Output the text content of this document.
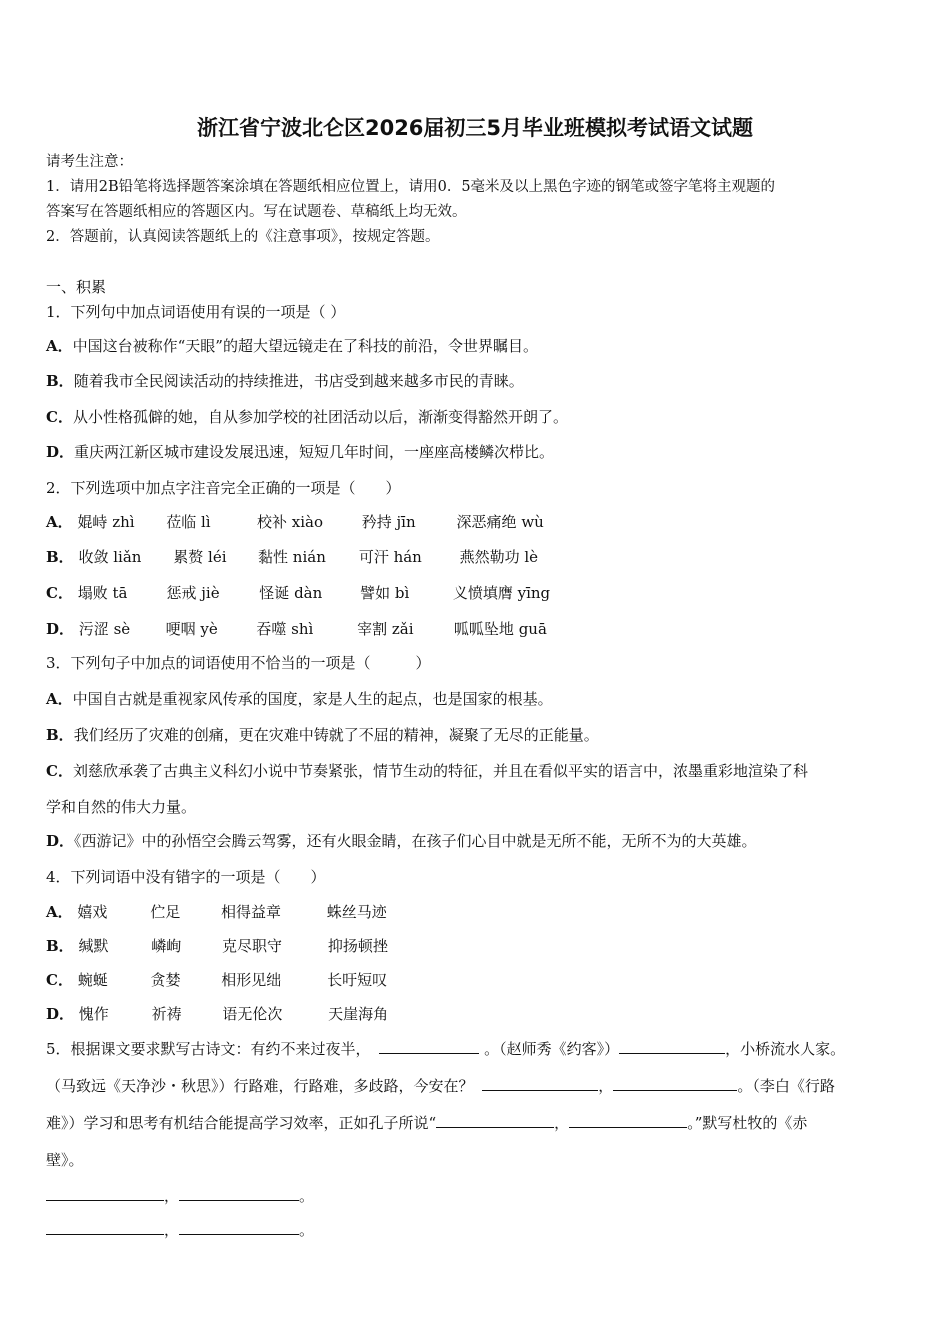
浙江省宁波北仑区2026届初三5月毕业班模拟考试语文试题
请考生注意：
1．请用2B铅笔将选择题答案涂填在答题纸相应位置上，请用0．5毫米及以上黑色字迹的钢笔或签字笔将主观题的
答案写在答题纸相应的答题区内。写在试题卷、草稿纸上均无效。
2．答题前，认真阅读答题纸上的《注意事项》，按规定答题。
一、积累
1．下列句中加点词语使用有误的一项是（ ）
A．中国这台被称作“天眼”的超大望远镜走在了科技的前沿，令世界瞩目。
B．随着我市全民阅读活动的持续推进，书店受到越来越多市民的青睐。
C．从小性格孤僻的她，自从参加学校的社团活动以后，渐渐变得豁然开朗了。
D．重庆两江新区城市建设发展迅速，短短几年时间，一座座高楼鳞次栉比。
2．下列选项中加点字注音完全正确的一项是（　　）
A． 婫峙 zhì 莅临 lì	校补 xiào	矜持 jīn	深恶痛绝 wù
B． 收敛 liǎn 累赘 léi 黏性 nián 可汗 hán	燕然勒功 lè
C． 塌败 tā	惩戒 jiè	怪诞 dàn	譬如 bì	义愤填膺 yīng
D． 污涩 sè 哽咽 yè	吞噬 shì	宰割 zǎi	呱呱坠地 guā
3．下列句子中加点的词语使用不恰当的一项是（　　　）
A．中国自古就是重视家风传承的国度，家是人生的起点，也是国家的根基。
B．我们经历了灾难的创痛，更在灾难中铸就了不屈的精神，凝聚了无尽的正能量。
C．刘慈欣承袭了古典主义科幻小说中节奏紧张，情节生动的特征，并且在看似平实的语言中，浓墨重彩地渲染了科
学和自然的伟大力量。
D．《西游记》中的孙悟空会腾云驾雾，还有火眼金睛，在孩子们心目中就是无所不能，无所不为的大英雄。
4．下列词语中没有错字的一项是（　　）
A． 嬉戏	伫足	相得益章	蛛丝马迹
B． 缄默	嶙峋	克尽职守	抑扬顿挫
C． 蜿蜒	贪婪	相形见绌	长吁短叹
D． 愧作	祈祷	语无伦次	天崖海角
5．根据课文要求默写古诗文：有约不来过夜半，	。（赵师秀《约客》）	，小桥流水人家。
（马致远《天净沙・秋思》）行路难，行路难，多歧路，今安在？	，	。（李白《行路
难》）学习和思考有机结合能提高学习效率，正如孔子所说“	，	。”默写杜牧的《赤
壁》。
，	。
，	。
